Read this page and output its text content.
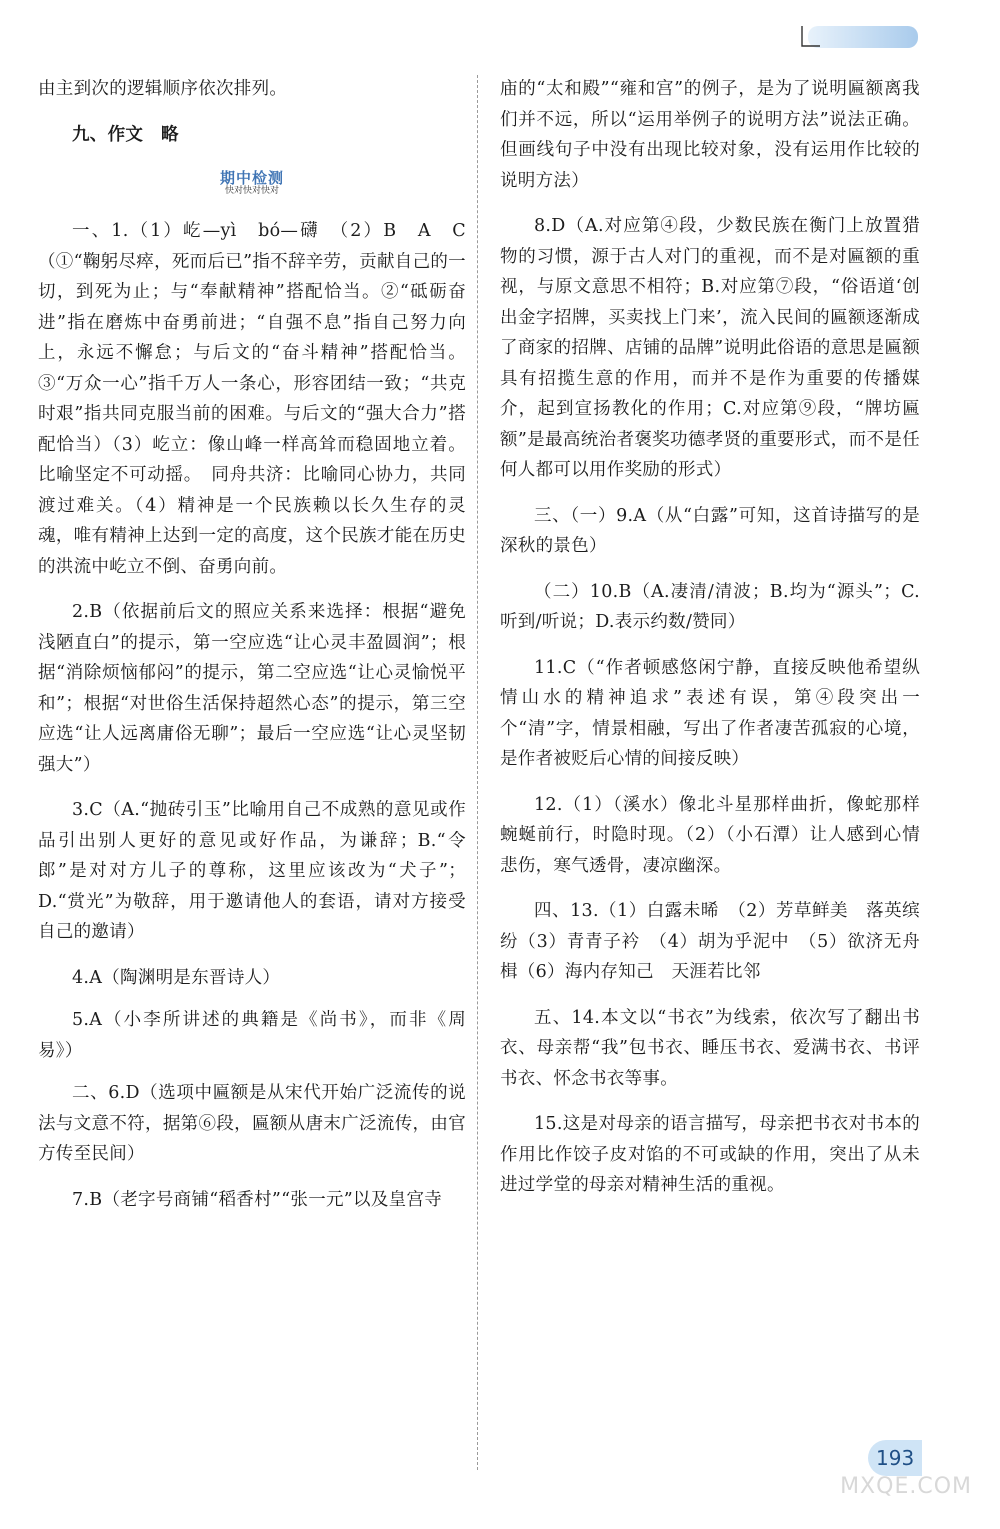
由主到次的逻辑顺序依次排列。

九、作文　略

期中检测
快对快对快对

一、1.（1）屹—yì　bó—礴　（2）B　A　C（①“鞠躬尽瘁，死而后已”指不辞辛劳，贡献自己的一切，到死为止；与“奉献精神”搭配恰当。②“砥砺奋进”指在磨炼中奋勇前进；“自强不息”指自己努力向上，永远不懈怠；与后文的“奋斗精神”搭配恰当。③“万众一心”指千万人一条心，形容团结一致；“共克时艰”指共同克服当前的困难。与后文的“强大合力”搭配恰当）（3）屹立：像山峰一样高耸而稳固地立着。比喻坚定不可动摇。　同舟共济：比喻同心协力，共同渡过难关。（4）精神是一个民族赖以长久生存的灵魂，唯有精神上达到一定的高度，这个民族才能在历史的洪流中屹立不倒、奋勇向前。

2.B（依据前后文的照应关系来选择：根据“避免浅陋直白”的提示，第一空应选“让心灵丰盈圆润”；根据“消除烦恼郁闷”的提示，第二空应选“让心灵愉悦平和”；根据“对世俗生活保持超然心态”的提示，第三空应选“让人远离庸俗无聊”；最后一空应选“让心灵坚韧强大”）

3.C（A.“抛砖引玉”比喻用自己不成熟的意见或作品引出别人更好的意见或好作品，为谦辞；B.“令郎”是对对方儿子的尊称，这里应该改为“犬子”；D.“赏光”为敬辞，用于邀请他人的套语，请对方接受自己的邀请）

4.A（陶渊明是东晋诗人）

5.A（小李所讲述的典籍是《尚书》，而非《周易》）

二、6.D（选项中匾额是从宋代开始广泛流传的说法与文意不符，据第⑥段，匾额从唐末广泛流传，由官方传至民间）

7.B（老字号商铺“稻香村”“张一元”以及皇宫寺

庙的“太和殿”“雍和宫”的例子，是为了说明匾额离我们并不远，所以“运用举例子的说明方法”说法正确。但画线句子中没有出现比较对象，没有运用作比较的说明方法）

8.D（A.对应第④段，少数民族在衡门上放置猎物的习惯，源于古人对门的重视，而不是对匾额的重视，与原文意思不相符；B.对应第⑦段，“俗语道‘创出金字招牌，买卖找上门来’，流入民间的匾额逐渐成了商家的招牌、店铺的品牌”说明此俗语的意思是匾额具有招揽生意的作用，而并不是作为重要的传播媒介，起到宣扬教化的作用；C.对应第⑨段，“牌坊匾额”是最高统治者褒奖功德孝贤的重要形式，而不是任何人都可以用作奖励的形式）

三、（一）9.A（从“白露”可知，这首诗描写的是深秋的景色）

（二）10.B（A.凄清/清波；B.均为“源头”；C.听到/听说；D.表示约数/赞同）

11.C（“作者顿感悠闲宁静，直接反映他希望纵情山水的精神追求”表述有误，第④段突出一个“清”字，情景相融，写出了作者凄苦孤寂的心境，是作者被贬后心情的间接反映）

12.（1）（溪水）像北斗星那样曲折，像蛇那样蜿蜒前行，时隐时现。（2）（小石潭）让人感到心情悲伤，寒气透骨，凄凉幽深。

四、13.（1）白露未晞　（2）芳草鲜美　落英缤纷（3）青青子衿　（4）胡为乎泥中　（5）欲济无舟楫（6）海内存知己　天涯若比邻

五、14.本文以“书衣”为线索，依次写了翻出书衣、母亲帮“我”包书衣、睡压书衣、爱满书衣、书评书衣、怀念书衣等事。

15.这是对母亲的语言描写，母亲把书衣对书本的作用比作饺子皮对馅的不可或缺的作用，突出了从未进过学堂的母亲对精神生活的重视。

193
MXQE.COM
